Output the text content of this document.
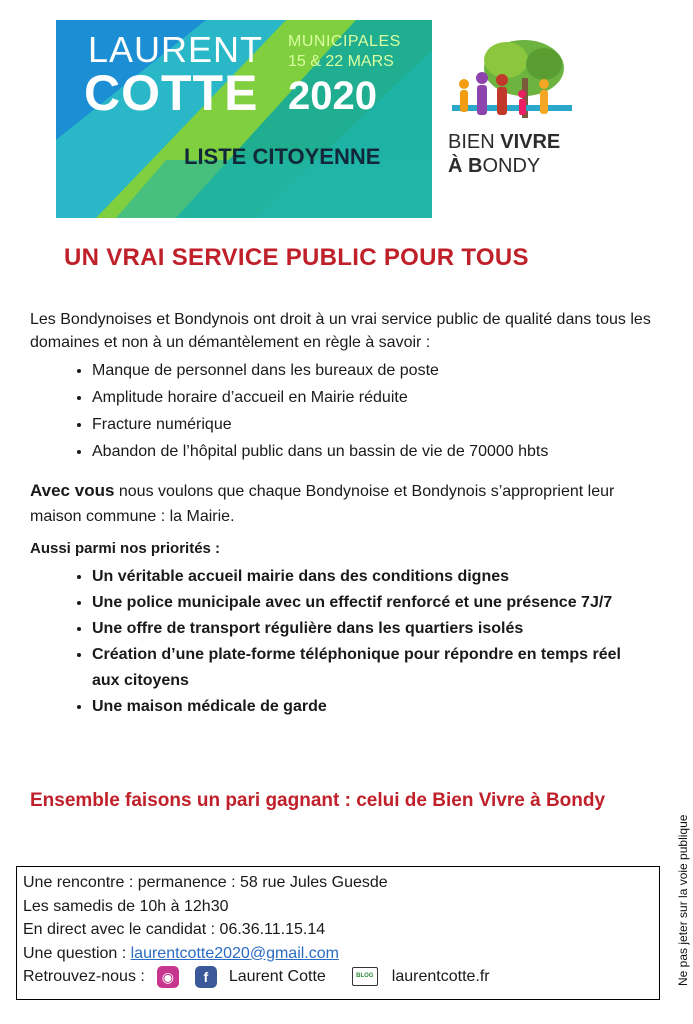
LAURENT
COTTE
MUNICIPALES
15 & 22 MARS
2020
LISTE CITOYENNE
BIEN VIVRE
À BONDY
UN VRAI SERVICE PUBLIC POUR TOUS
Les Bondynoises et Bondynois ont droit à un vrai service public de qualité dans tous les domaines et non à un démantèlement en règle à savoir :
• Manque de personnel dans les bureaux de poste
• Amplitude horaire d’accueil en Mairie réduite
• Fracture numérique
• Abandon de l’hôpital public dans un bassin de vie de 70000 hbts
Avec vous nous voulons que chaque Bondynoise et Bondynois s’approprient leur maison commune : la Mairie.
Aussi parmi nos priorités :
• Un véritable accueil mairie dans des conditions dignes
• Une police municipale avec un effectif renforcé et une présence 7J/7
• Une offre de transport régulière dans les quartiers isolés
• Création d’une plate-forme téléphonique pour répondre en temps réel aux citoyens
• Une maison médicale de garde
Ensemble faisons un pari gagnant : celui de Bien Vivre à Bondy
Une rencontre : permanence : 58 rue Jules Guesde
Les samedis de 10h à 12h30
En direct avec le candidat : 06.36.11.15.14
Une question : laurentcotte2020@gmail.com
Retrouvez-nous :	◉	f	Laurent Cotte	BLOG laurentcotte.fr	Ne pas jeter sur la voie publique
